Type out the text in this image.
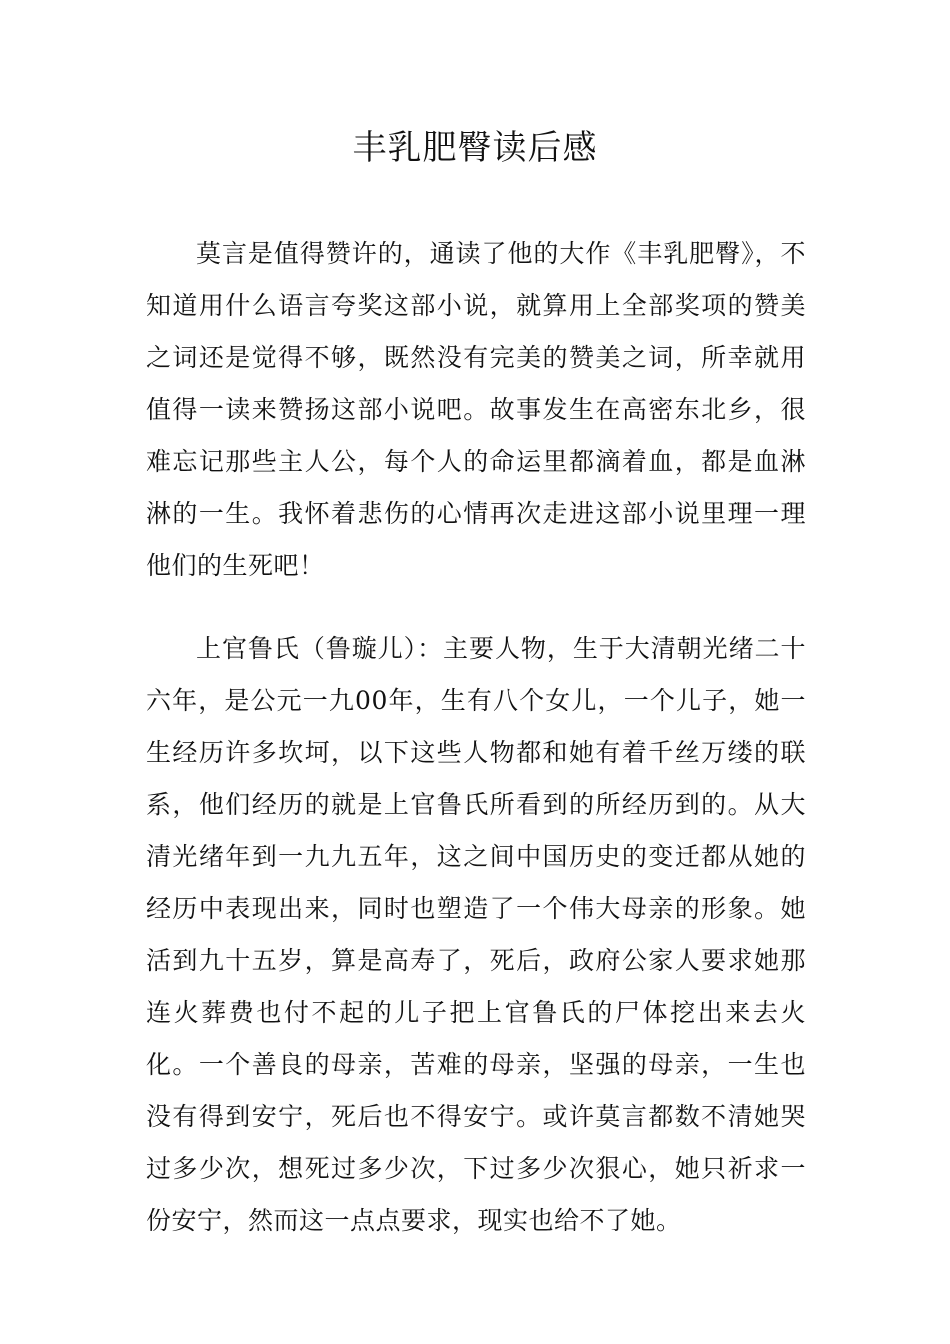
丰乳肥臀读后感

莫言是值得赞许的，通读了他的大作《丰乳肥臀》，不知道用什么语言夸奖这部小说，就算用上全部奖项的赞美之词还是觉得不够，既然没有完美的赞美之词，所幸就用值得一读来赞扬这部小说吧。故事发生在高密东北乡，很难忘记那些主人公，每个人的命运里都滴着血，都是血淋淋的一生。我怀着悲伤的心情再次走进这部小说里理一理他们的生死吧！

上官鲁氏（鲁璇儿）：主要人物，生于大清朝光绪二十六年，是公元一九00年，生有八个女儿，一个儿子，她一生经历许多坎坷，以下这些人物都和她有着千丝万缕的联系，他们经历的就是上官鲁氏所看到的所经历到的。从大清光绪年到一九九五年，这之间中国历史的变迁都从她的经历中表现出来，同时也塑造了一个伟大母亲的形象。她活到九十五岁，算是高寿了，死后，政府公家人要求她那连火葬费也付不起的儿子把上官鲁氏的尸体挖出来去火化。一个善良的母亲，苦难的母亲，坚强的母亲，一生也没有得到安宁，死后也不得安宁。或许莫言都数不清她哭过多少次，想死过多少次，下过多少次狠心，她只祈求一份安宁，然而这一点点要求，现实也给不了她。
